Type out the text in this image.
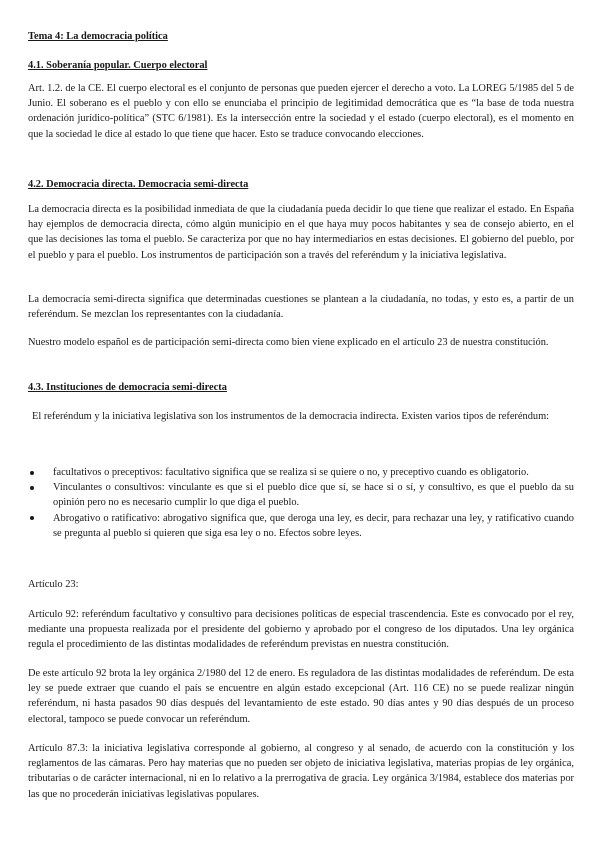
Tema 4: La democracia política

4.1. Soberanía popular. Cuerpo electoral

Art. 1.2. de la CE. El cuerpo electoral es el conjunto de personas que pueden ejercer el derecho a voto. La LOREG 5/1985 del 5 de Junio. El soberano es el pueblo y con ello se enunciaba el principio de legitimidad democrática que es “la base de toda nuestra ordenación jurídico-política” (STC 6/1981). Es la intersección entre la sociedad y el estado (cuerpo electoral), es el momento en que la sociedad le dice al estado lo que tiene que hacer. Esto se traduce convocando elecciones.

4.2. Democracia directa. Democracia semi-directa

La democracia directa es la posibilidad inmediata de que la ciudadanía pueda decidir lo que tiene que realizar el estado. En España hay ejemplos de democracia directa, cómo algún municipio en el que haya muy pocos habitantes y sea de consejo abierto, en el que las decisiones las toma el pueblo. Se caracteriza por que no hay intermediarios en estas decisiones. El gobierno del pueblo, por el pueblo y para el pueblo. Los instrumentos de participación son a través del referéndum y la iniciativa legislativa.

La democracia semi-directa significa que determinadas cuestiones se plantean a la ciudadanía, no todas, y esto es, a partir de un referéndum. Se mezclan los representantes con la ciudadanía.

Nuestro modelo español es de participación semi-directa como bien viene explicado en el artículo 23 de nuestra constitución.

4.3. Instituciones de democracia semi-directa

El referéndum y la iniciativa legislativa son los instrumentos de la democracia indirecta. Existen varios tipos de referéndum:

facultativos o preceptivos: facultativo significa que se realiza si se quiere o no, y preceptivo cuando es obligatorio.
Vinculantes o consultivos: vinculante es que si el pueblo dice que sí, se hace si o sí, y consultivo, es que el pueblo da su opinión pero no es necesario cumplir lo que diga el pueblo.
Abrogativo o ratificativo: abrogativo significa que, que deroga una ley, es decir, para rechazar una ley, y ratificativo cuando se pregunta al pueblo si quieren que siga esa ley o no. Efectos sobre leyes.

Artículo 23:

Artículo 92: referéndum facultativo y consultivo para decisiones políticas de especial trascendencia. Este es convocado por el rey, mediante una propuesta realizada por el presidente del gobierno y aprobado por el congreso de los diputados. Una ley orgánica regula el procedimiento de las distintas modalidades de referéndum previstas en nuestra constitución.

De este artículo 92 brota la ley orgánica 2/1980 del 12 de enero. Es reguladora de las distintas modalidades de referéndum. De esta ley se puede extraer que cuando el país se encuentre en algún estado excepcional (Art. 116 CE) no se puede realizar ningún referéndum, ni hasta pasados 90 días después del levantamiento de este estado. 90 días antes y 90 días después de un proceso electoral, tampoco se puede convocar un referéndum.

Artículo 87.3: la iniciativa legislativa corresponde al gobierno, al congreso y al senado, de acuerdo con la constitución y los reglamentos de las cámaras. Pero hay materias que no pueden ser objeto de iniciativa legislativa, materias propias de ley orgánica, tributarias o de carácter internacional, ni en lo relativo a la prerrogativa de gracia. Ley orgánica 3/1984, establece dos materias por las que no procederán iniciativas legislativas populares.
